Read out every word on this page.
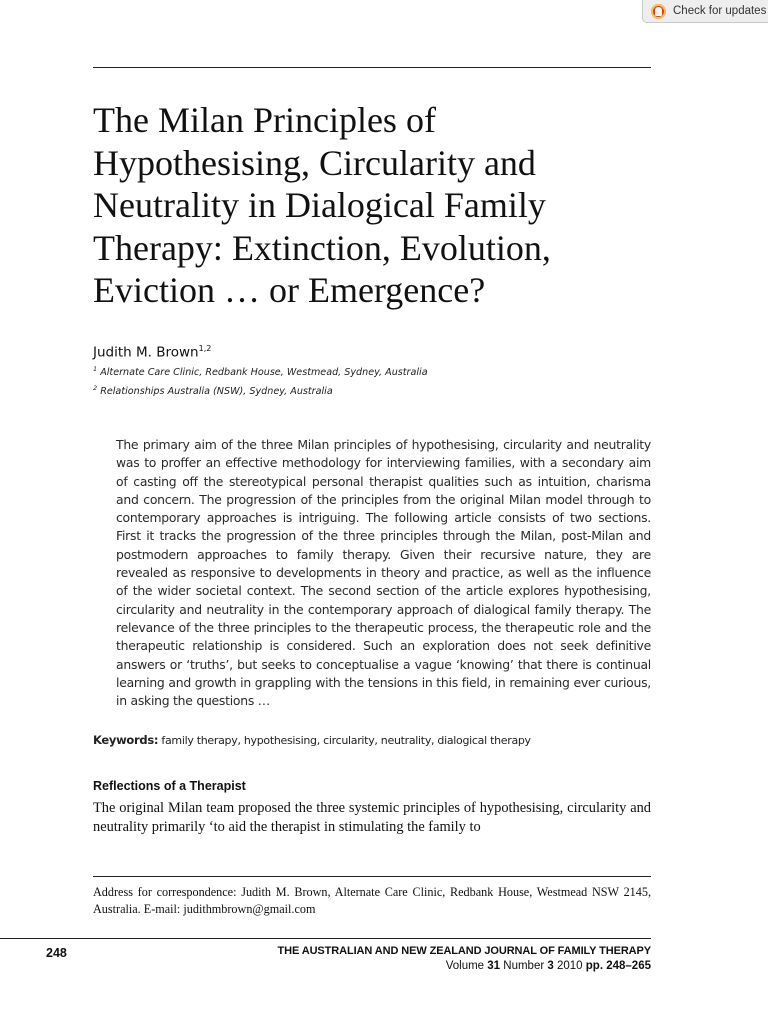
Check for updates
The Milan Principles of
Hypothesising, Circularity and
Neutrality in Dialogical Family
Therapy: Extinction, Evolution,
Eviction … or Emergence?
Judith M. Brown$^{1,2}$
$^1$ Alternate Care Clinic, Redbank House, Westmead, Sydney, Australia
$^2$ Relationships Australia (NSW), Sydney, Australia

The primary aim of the three Milan principles of hypothesising, circularity and neutrality was to proffer an effective methodology for interviewing families, with a secondary aim of casting off the stereotypical personal therapist qualities such as intuition, charisma and concern. The progression of the principles from the original Milan model through to contemporary approaches is intriguing. The following article consists of two sections. First it tracks the progression of the three principles through the Milan, post-Milan and postmodern approaches to family therapy. Given their recursive nature, they are revealed as responsive to developments in theory and practice, as well as the influence of the wider societal context. The second section of the article explores hypothesising, circularity and neutrality in the contemporary approach of dialogical family therapy. The relevance of the three principles to the therapeutic process, the therapeutic role and the therapeutic relationship is considered. Such an exploration does not seek definitive answers or ‘truths’, but seeks to conceptualise a vague ‘knowing’ that there is continual learning and growth in grappling with the tensions in this field, in remaining ever curious, in asking the questions …

Keywords: family therapy, hypothesising, circularity, neutrality, dialogical therapy
Reflections of a Therapist

The original Milan team proposed the three systemic principles of hypothesising, circularity and neutrality primarily ‘to aid the therapist in stimulating the family to

Address for correspondence: Judith M. Brown, Alternate Care Clinic, Redbank House, Westmead NSW 2145, Australia. E-mail: judithmbrown@gmail.com

248	THE AUSTRALIAN AND NEW ZEALAND JOURNAL OF FAMILY THERAPY
Volume 31 Number 3 2010 pp. 248–265
